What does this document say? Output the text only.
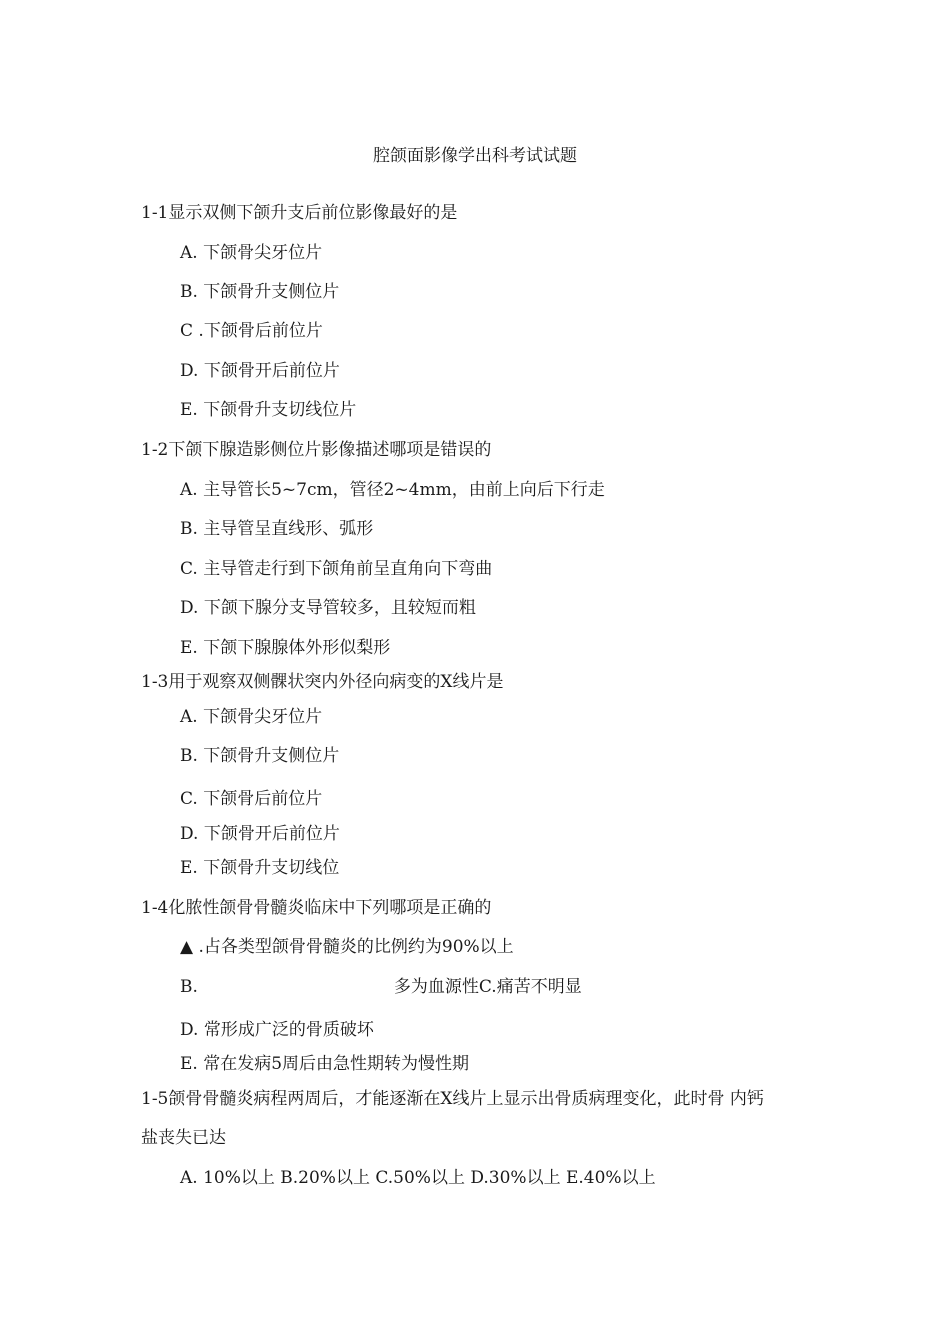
腔颌面影像学出科考试试题
1-1显示双侧下颌升支后前位影像最好的是
A. 下颌骨尖牙位片
B. 下颌骨升支侧位片
C .下颌骨后前位片
D. 下颌骨开后前位片
E. 下颌骨升支切线位片
1-2下颌下腺造影侧位片影像描述哪项是错误的
A. 主导管长5~7cm，管径2~4mm，由前上向后下行走
B. 主导管呈直线形、弧形
C. 主导管走行到下颌角前呈直角向下弯曲
D. 下颌下腺分支导管较多，且较短而粗
E. 下颌下腺腺体外形似梨形
1-3用于观察双侧髁状突内外径向病变的X线片是
A. 下颌骨尖牙位片
B. 下颌骨升支侧位片
C. 下颌骨后前位片
D. 下颌骨开后前位片
E. 下颌骨升支切线位
1-4化脓性颌骨骨髓炎临床中下列哪项是正确的
▲ .占各类型颌骨骨髓炎的比例约为90%以上
B.	多为血源性C.痛苦不明显
D. 常形成广泛的骨质破坏
E. 常在发病5周后由急性期转为慢性期
1-5颌骨骨髓炎病程两周后，才能逐渐在X线片上显示出骨质病理变化，此时骨 内钙
盐丧失已达
A. 10%以上 B.20%以上 C.50%以上 D.30%以上 E.40%以上
